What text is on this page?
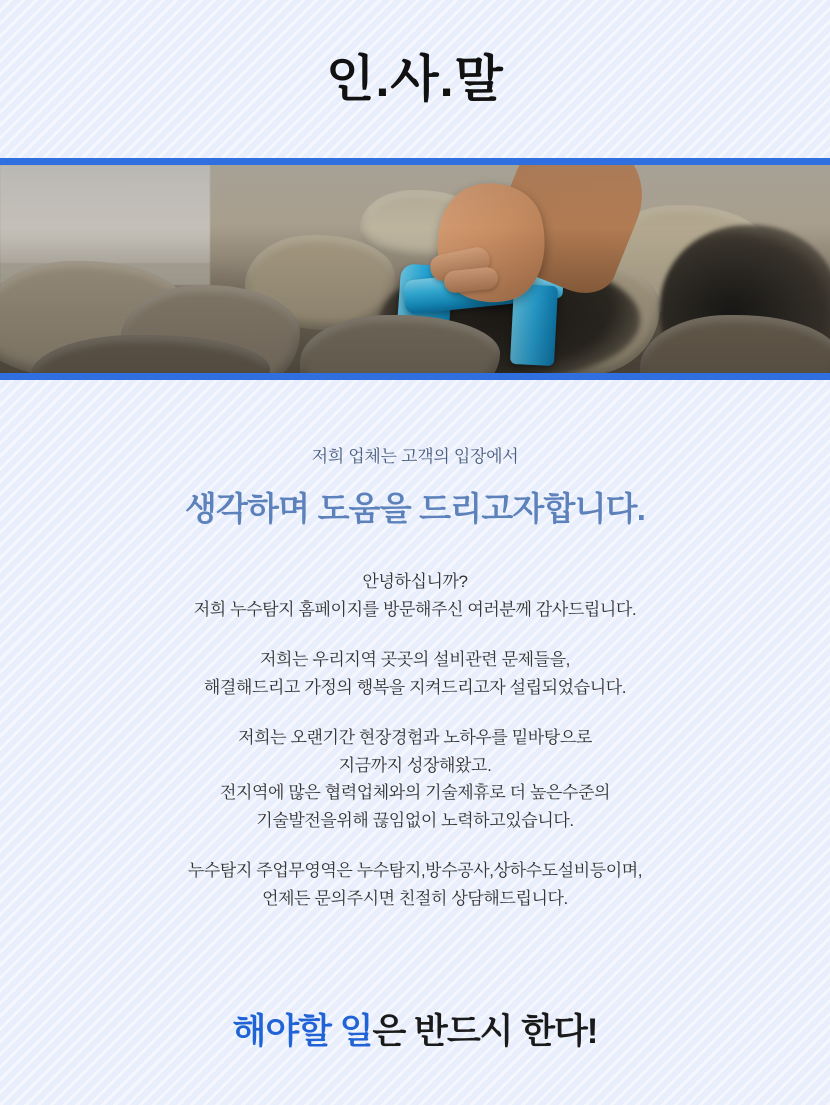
인.사.말
저희 업체는 고객의 입장에서
생각하며 도움을 드리고자합니다.

안녕하십니까?
저희 누수탐지 홈페이지를 방문해주신 여러분께 감사드립니다.

저희는 우리지역 곳곳의 설비관련 문제들을,
해결해드리고 가정의 행복을 지켜드리고자 설립되었습니다.

저희는 오랜기간 현장경험과 노하우를 밑바탕으로
지금까지 성장해왔고.
전지역에 많은 협력업체와의 기술제휴로 더 높은수준의
기술발전을위해 끊임없이 노력하고있습니다.

누수탐지 주업무영역은 누수탐지,방수공사,상하수도설비등이며,
언제든 문의주시면 친절히 상담해드립니다.

해야할 일은 반드시 한다!
